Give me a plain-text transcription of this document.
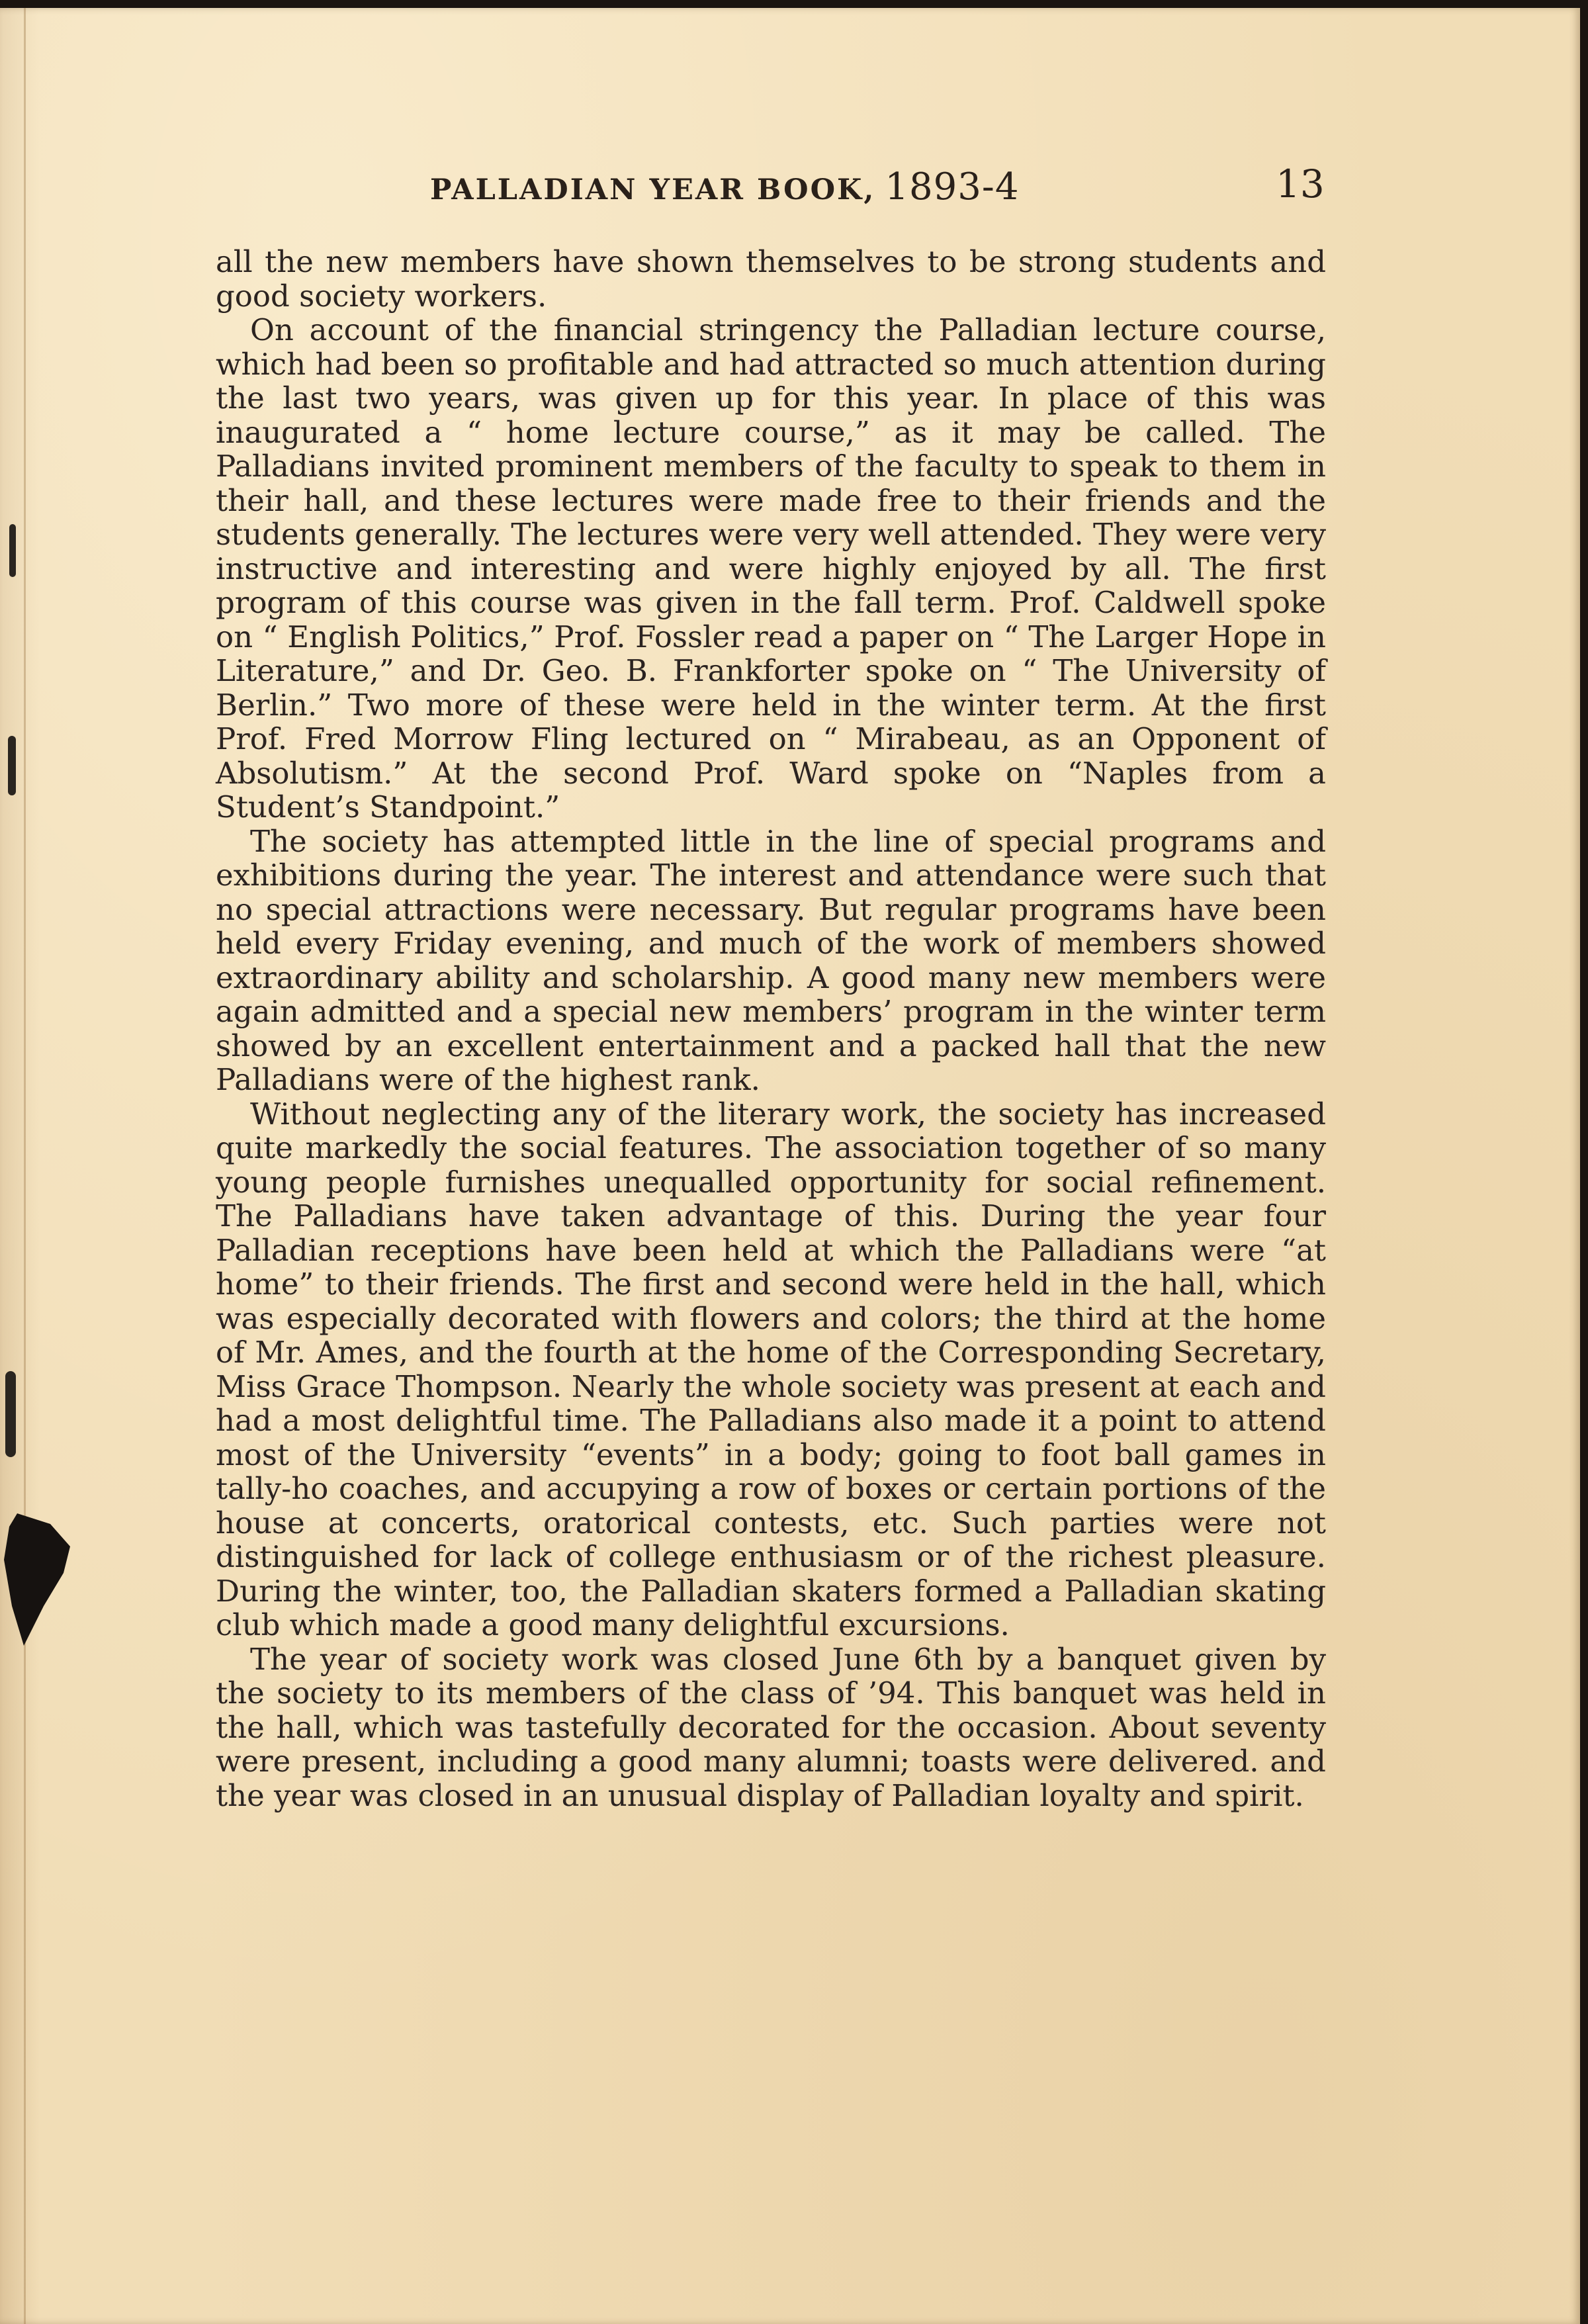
PALLADIAN YEAR BOOK, 1893-4	13

all the new members have shown themselves to be strong students and good society workers.

On account of the financial stringency the Palladian lecture course, which had been so profitable and had attracted so much attention during the last two years, was given up for this year. In place of this was inaugurated a “ home lecture course,” as it may be called. The Palladians invited prominent members of the faculty to speak to them in their hall, and these lectures were made free to their friends and the students generally. The lectures were very well attended. They were very instructive and interesting and were highly enjoyed by all. The first program of this course was given in the fall term. Prof. Caldwell spoke on “ English Politics,” Prof. Fossler read a paper on “ The Larger Hope in Literature,” and Dr. Geo. B. Frankforter spoke on “ The University of Berlin.” Two more of these were held in the winter term. At the first Prof. Fred Morrow Fling lectured on “ Mirabeau, as an Opponent of Absolutism.” At the second Prof. Ward spoke on “Naples from a Student’s Standpoint.”

The society has attempted little in the line of special programs and exhibitions during the year. The interest and attendance were such that no special attractions were necessary. But regular programs have been held every Friday evening, and much of the work of members showed extraordinary ability and scholarship. A good many new members were again admitted and a special new members’ program in the winter term showed by an excellent entertainment and a packed hall that the new Palladians were of the highest rank.

Without neglecting any of the literary work, the society has increased quite markedly the social features. The association together of so many young people furnishes unequalled opportunity for social refinement. The Palladians have taken advantage of this. During the year four Palladian receptions have been held at which the Palladians were “at home” to their friends. The first and second were held in the hall, which was especially decorated with flowers and colors; the third at the home of Mr. Ames, and the fourth at the home of the Corresponding Secretary, Miss Grace Thompson. Nearly the whole society was present at each and had a most delightful time. The Palladians also made it a point to attend most of the University “events” in a body; going to foot ball games in tally-ho coaches, and accupying a row of boxes or certain portions of the house at concerts, oratorical contests, etc. Such parties were not distinguished for lack of college enthusiasm or of the richest pleasure. During the winter, too, the Palladian skaters formed a Palladian skating club which made a good many delightful excursions.

The year of society work was closed June 6th by a banquet given by the society to its members of the class of ’94. This banquet was held in the hall, which was tastefully decorated for the occasion. About seventy were present, including a good many alumni; toasts were delivered. and the year was closed in an unusual display of Palladian loyalty and spirit.
